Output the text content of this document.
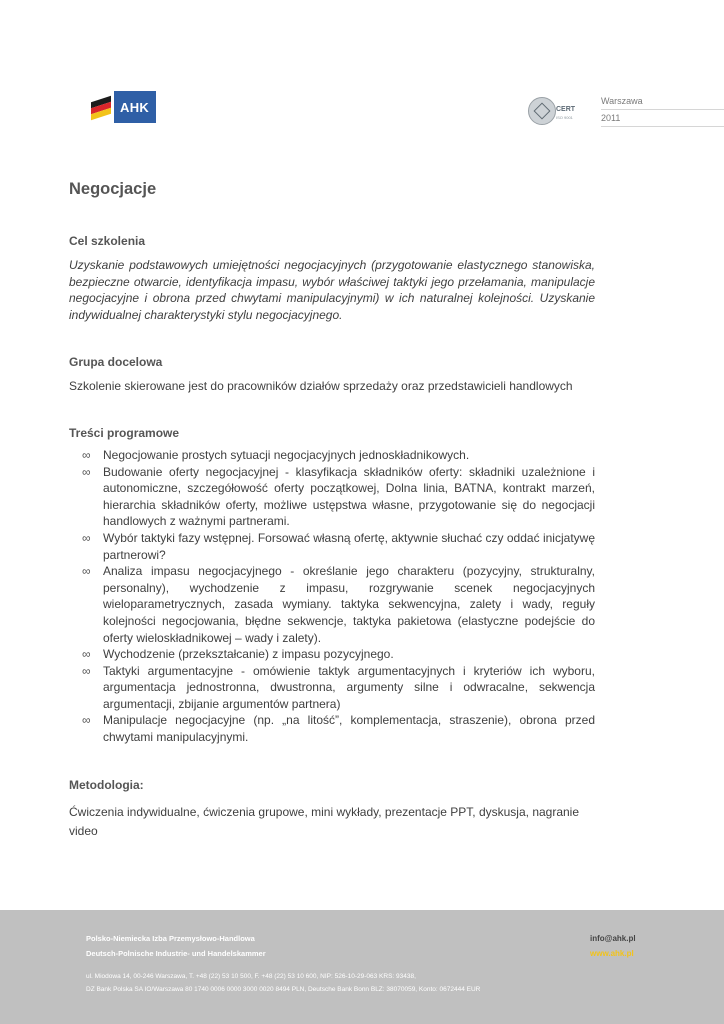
AHK	CERT
ISO 9001
Warszawa
2011
Negocjacje

Cel szkolenia

Uzyskanie podstawowych umiejętności negocjacyjnych (przygotowanie elastycznego stanowiska, bezpieczne otwarcie, identyfikacja impasu, wybór właściwej taktyki jego przełamania, manipulacje negocjacyjne i obrona przed chwytami manipulacyjnymi) w ich naturalnej kolejności. Uzyskanie indywidualnej charakterystyki stylu negocjacyjnego.

Grupa docelowa

Szkolenie skierowane jest do pracowników działów sprzedaży oraz przedstawicieli handlowych

Treści programowe

∞ Negocjowanie prostych sytuacji negocjacyjnych jednoskładnikowych.
∞ Budowanie oferty negocjacyjnej - klasyfikacja składników oferty: składniki uzależnione i autonomiczne, szczegółowość oferty początkowej, Dolna linia, BATNA, kontrakt marzeń, hierarchia składników oferty, możliwe ustępstwa własne, przygotowanie się do negocjacji handlowych z ważnymi partnerami.
∞ Wybór taktyki fazy wstępnej. Forsować własną ofertę, aktywnie słuchać czy oddać inicjatywę partnerowi?
∞ Analiza impasu negocjacyjnego - określanie jego charakteru (pozycyjny, strukturalny, personalny), wychodzenie z impasu, rozgrywanie scenek negocjacyjnych wieloparametrycznych, zasada wymiany. taktyka sekwencyjna, zalety i wady, reguły kolejności negocjowania, błędne sekwencje, taktyka pakietowa (elastyczne podejście do oferty wieloskładnikowej – wady i zalety).
∞ Wychodzenie (przekształcanie) z impasu pozycyjnego.
∞ Taktyki argumentacyjne - omówienie taktyk argumentacyjnych i kryteriów ich wyboru, argumentacja jednostronna, dwustronna, argumenty silne i odwracalne, sekwencja argumentacji, zbijanie argumentów partnera)
∞ Manipulacje negocjacyjne (np. „na litość”, komplementacja, straszenie), obrona przed chwytami manipulacyjnymi.

Metodologia:

Ćwiczenia indywidualne, ćwiczenia grupowe, mini wykłady, prezentacje PPT, dyskusja, nagranie video

Polsko-Niemiecka Izba Przemysłowo-Handlowa
Deutsch-Polnische Industrie- und Handelskammer
info@ahk.pl
www.ahk.pl
ul. Miodowa 14, 00-246 Warszawa, T. +48 (22) 53 10 500, F. +48 (22) 53 10 600, NIP: 526-10-29-063 KRS: 93438,
DZ Bank Polska SA IO/Warszawa 80 1740 0006 0000 3000 0020 8494 PLN, Deutsche Bank Bonn BLZ: 38070059, Konto: 0672444 EUR
